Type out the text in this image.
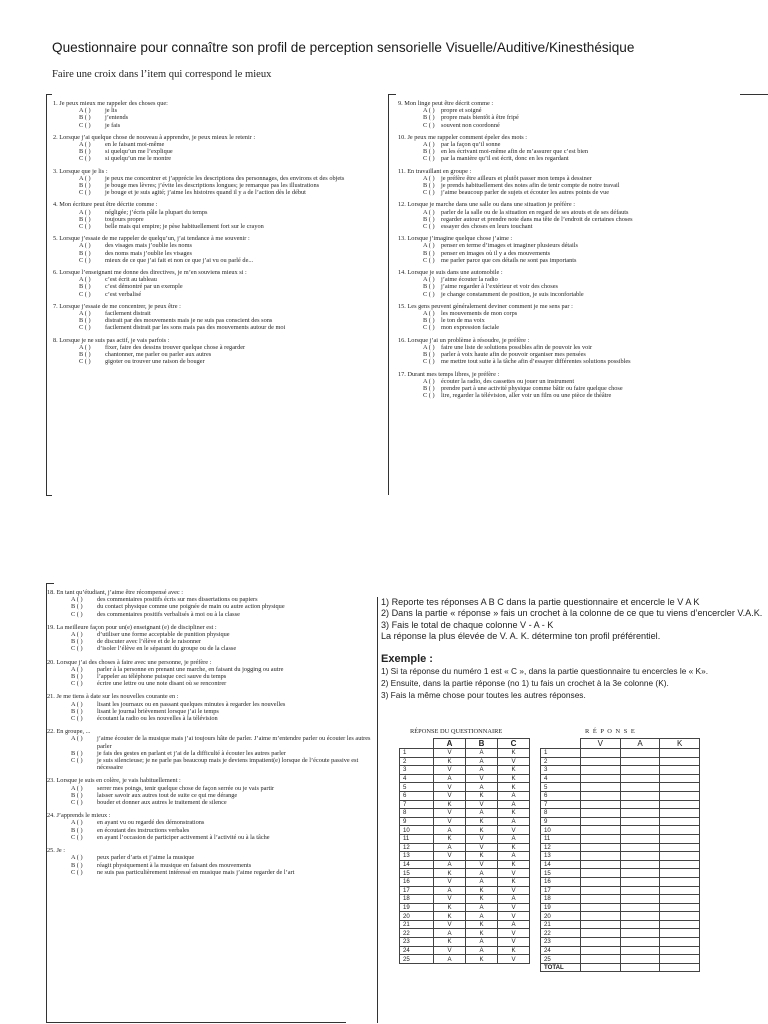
Questionnaire pour connaître son profil de perception sensorielle Visuelle/Auditive/Kinesthésique
Faire une croix dans l’item qui correspond le mieux
1. Je peux mieux me rappeler des choses que:
A ( ) je lis
B ( ) j’entends
C ( ) je fais
2. Lorsque j’ai quelque chose de nouveau à apprendre, je peux mieux le retenir :
A ( ) en le faisant moi-même
B ( ) si quelqu’un me l’explique
C ( ) si quelqu’un me le montre
3. Lorsque que je lis :
A ( ) je peux me concentrer et j’apprécie les descriptions des personnages, des environs et des objets
B ( ) je bouge mes lèvres; j’évite les descriptions longues; je remarque pas les illustrations
C ( ) je bouge et je suis agité; j’aime les histoires quand il y a de l’action dès le début
4. Mon écriture peut être décrite comme :
A ( ) négligée; j’écris pâle la plupart du temps
B ( ) toujours propre
C ( ) belle mais qui empire; je pèse habituellement fort sur le crayon
5. Lorsque j’essaie de me rappeler de quelqu’un, j’ai tendance à me souvenir :
A ( ) des visages mais j’oublie les noms
B ( ) des noms mais j’oublie les visages
C ( ) mieux de ce que j’ai fait et non ce que j’ai vu ou parlé de...
6. Lorsque l’enseignant me donne des directives, je m’en souviens mieux si :
A ( ) c’est écrit au tableau
B ( ) c’est démontré par un exemple
C ( ) c’est verbalisé
7. Lorsque j’essaie de me concentrer, je peux être :
A ( ) facilement distrait
B ( ) distrait par des mouvements mais je ne suis pas conscient des sons
C ( ) facilement distrait par les sons mais pas des mouvements autour de moi
8. Lorsque je ne suis pas actif, je vais parfois :
A ( ) fixer, faire des dessins trouver quelque chose à regarder
B ( ) chantonner, me parler ou parler aux autres
C ( ) gigoter ou trouver une raison de bouger
9. Mon linge peut être décrit comme :
A ( ) propre et soigné
B ( ) propre mais bientôt à être fripé
C ( ) souvent non coordonné
10. Je peux me rappeler comment épeler des mots :
A ( ) par la façon qu’il sonne
B ( ) en les écrivant moi-même afin de m’assurer que c’est bien
C ( ) par la manière qu’il est écrit, donc en les regardant
11. En travaillant en groupe :
A ( ) je préfère être ailleurs et plutôt passer mon temps à dessiner
B ( ) je prends habituellement des notes afin de tenir compte de notre travail
C ( ) j’aime beaucoup parler de sujets et écouter les autres points de vue
12. Lorsque je marche dans une salle ou dans une situation je préfère :
A ( ) parler de la salle ou de la situation en regard de ses atouts et de ses défauts
B ( ) regarder autour et prendre note dans ma tête de l’endroit de certaines choses
C ( ) essayer des choses en leurs touchant
13. Lorsque j’imagine quelque chose j’aime :
A ( ) penser en terme d’images et imaginer plusieurs détails
B ( ) penser en images où il y a des mouvements
C ( ) me parler parce que ces détails ne sont pas importants
14. Lorsque je suis dans une automobile :
A ( ) j’aime écouter la radio
B ( ) j’aime regarder à l’extérieur et voir des choses
C ( ) je change constamment de position, je suis inconfortable
15. Les gens peuvent généralement deviner comment je me sens par :
A ( ) les mouvements de mon corps
B ( ) le ton de ma voix
C ( ) mon expression faciale
16. Lorsque j’ai un problème à résoudre, je préfère :
A ( ) faire une liste de solutions possibles afin de pouvoir les voir
B ( ) parler à voix haute afin de pouvoir organiser mes pensées
C ( ) me mettre tout suite à la tâche afin d’essayer différentes solutions possibles
17. Durant mes temps libres, je préfère :
A ( ) écouter la radio, des cassettes ou jouer un instrument
B ( ) prendre part à une activité physique comme bâtir ou faire quelque chose
C ( ) lire, regarder la télévision, aller voir un film ou une pièce de théâtre
18. En tant qu’étudiant, j’aime être récompensé avec :
A ( ) des commentaires positifs écris sur mes dissertations ou papiers
B ( ) du contact physique comme une poignée de main ou autre action physique
C ( ) des commentaires positifs verbalisés à moi ou à la classe
19. La meilleure façon pour un(e) enseignant (e) de discipliner est :
A ( ) d’utiliser une forme acceptable de punition physique
B ( ) de discuter avec l’élève et de le raisonner
C ( ) d’isoler l’élève en le séparant du groupe ou de la classe
20. Lorsque j’ai des choses à faire avec une personne, je préfère :
A ( ) parler à la personne en prenant une marche, en faisant du jogging ou autre
B ( ) l’appeler au téléphone puisque ceci sauve du temps
C ( ) écrire une lettre ou une note disant où se rencontrer
21. Je me tiens à date sur les nouvelles courante en :
A ( ) lisant les journaux ou en passant quelques minutes à regarder les nouvelles
B ( ) lisant le journal brièvement lorsque j’ai le temps
C ( ) écoutant la radio ou les nouvelles à la télévision
22. En groupe, ...
A ( ) j’aime écouter de la musique mais j’ai toujours hâte de parler. J’aime m’entendre parler ou écouter les autres parler
B ( ) je fais des gestes en parlant et j’ai de la difficulté à écouter les autres parler
C ( ) je suis silencieuse; je ne parle pas beaucoup mais je deviens impatient(e) lorsque de l’écoute passive est nécessaire
23. Lorsque je suis en colère, je vais habituellement :
A ( ) serrer mes poings, tenir quelque chose de façon serrée ou je vais partir
B ( ) laisser savoir aux autres tout de suite ce qui me dérange
C ( ) bouder et donner aux autres le traitement de silence
24. J’apprends le mieux :
A ( ) en ayant vu ou regardé des démonstrations
B ( ) en écoutant des instructions verbales
C ( ) en ayant l’occasion de participer activement à l’activité ou à la tâche
25. Je :
A ( ) peux parler d’arts et j’aime la musique
B ( ) réagit physiquement à la musique en faisant des mouvements
C ( ) ne suis pas particulièrement intéressé en musique mais j’aime regarder de l’art
1) Reporte tes réponses A B C dans la partie questionnaire et encercle le V A K
2) Dans la partie « réponse » fais un crochet à la colonne de ce que tu viens d’encercler V.A.K.
3) Fais le total de chaque colonne V - A - K
La réponse la plus élevée de V. A. K. détermine ton profil préférentiel.
Exemple :
1) Si ta réponse du numéro 1 est « C », dans la partie questionnaire tu encercles le « K».
2) Ensuite, dans la partie réponse (no 1) tu fais un crochet à la 3e colonne (K).
3) Fais la même chose pour toutes les autres réponses.
RÉPONSE DU QUESTIONNAIRE
	A	B	C
1	V	A	K
2	K	A	V
3	V	A	K
4	A	V	K
5	V	A	K
6	V	K	A
7	K	V	A
8	V	A	K
9	V	K	A
10	A	K	V
11	K	V	A
12	A	V	K
13	V	K	A
14	A	V	K
15	K	A	V
16	V	A	K
17	A	K	V
18	V	K	A
19	K	A	V
20	K	A	V
21	V	K	A
22	A	K	V
23	K	A	V
24	V	A	K
25	A	K	V
R É P O N S E
	V	A	K
1			
2			
3			
4			
5			
6			
7			
8			
9			
10			
11			
12			
13			
14			
15			
16			
17			
18			
19			
20			
21			
22			
23			
24			
25			
TOTAL			
